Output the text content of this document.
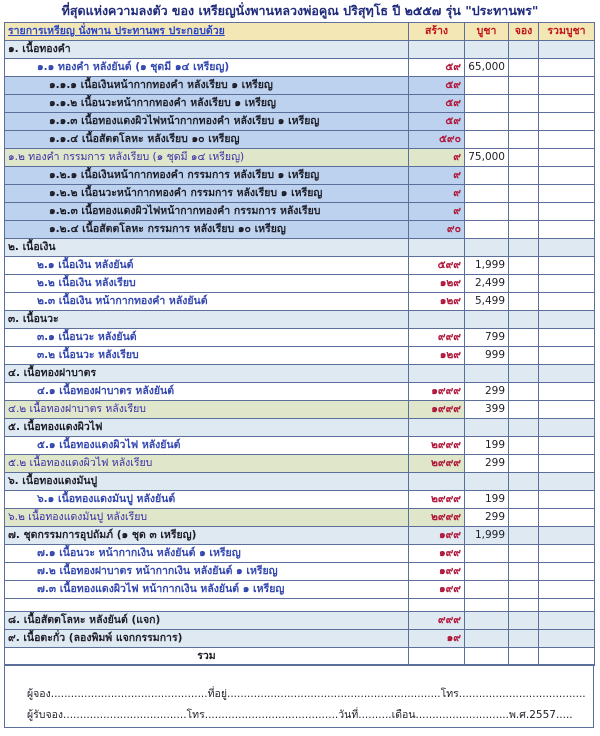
ที่สุดแห่งความลงตัว ของ เหรียญนั่งพานหลวงพ่อคูณ ปริสุทฺโธ ปี ๒๕๕๗ รุ่น "ประทานพร"
รายการเหรียญ นั่งพาน ประทานพร ประกอบด้วย	สร้าง	บูชา	จอง	รวมบูชา
๑. เนื้อทองคำ				
๑.๑ ทองคำ หลังยันต์ (๑ ชุดมี ๑๔ เหรียญ)	๕๙	65,000		
๑.๑.๑ เนื้อเงินหน้ากากทองคำ หลังเรียบ ๑ เหรียญ	๕๙			
๑.๑.๒ เนื้อนวะหน้ากากทองคำ หลังเรียบ ๑ เหรียญ	๕๙			
๑.๑.๓ เนื้อทองแดงผิวไฟหน้ากากทองคำ หลังเรียบ ๑ เหรียญ	๕๙			
๑.๑.๔ เนื้อสัตตโลหะ หลังเรียบ ๑๐ เหรียญ	๕๙๐			
๑.๒ ทองคำ กรรมการ หลังเรียบ (๑ ชุดมี ๑๔ เหรียญ)	๙	75,000		
๑.๒.๑ เนื้อเงินหน้ากากทองคำ กรรมการ หลังเรียบ ๑ เหรียญ	๙			
๑.๒.๒ เนื้อนวะหน้ากากทองคำ กรรมการ หลังเรียบ ๑ เหรียญ	๙			
๑.๒.๓ เนื้อทองแดงผิวไฟหน้ากากทองคำ กรรมการ หลังเรียบ	๙			
๑.๒.๔ เนื้อสัตตโลหะ กรรมการ หลังเรียบ ๑๐ เหรียญ	๙๐			
๒. เนื้อเงิน				
๒.๑ เนื้อเงิน หลังยันต์	๕๙๙	1,999		
๒.๒ เนื้อเงิน หลังเรียบ	๑๒๙	2,499		
๒.๓ เนื้อเงิน หน้ากากทองคำ หลังยันต์	๑๒๙	5,499		
๓. เนื้อนวะ				
๓.๑ เนื้อนวะ หลังยันต์	๙๙๙	799		
๓.๒ เนื้อนวะ หลังเรียบ	๑๒๙	999		
๔. เนื้อทองฝาบาตร				
๔.๑ เนื้อทองฝาบาตร หลังยันต์	๑๙๙๙	299		
๔.๒ เนื้อทองฝาบาตร หลังเรียบ	๑๙๙๙	399		
๕. เนื้อทองแดงผิวไฟ				
๕.๑ เนื้อทองแดงผิวไฟ หลังยันต์	๒๙๙๙	199		
๕.๒ เนื้อทองแดงผิวไฟ หลังเรียบ	๒๙๙๙	299		
๖. เนื้อทองแดงมันปู				
๖.๑ เนื้อทองแดงมันปู หลังยันต์	๒๙๙๙	199		
๖.๒ เนื้อทองแดงมันปู หลังเรียบ	๒๙๙๙	299		
๗. ชุดกรรมการอุปถัมภ์ (๑ ชุด ๓ เหรียญ)	๑๙๙	1,999		
๗.๑ เนื้อนวะ หน้ากากเงิน หลังยันต์ ๑ เหรียญ	๑๙๙			
๗.๒ เนื้อทองฝาบาตร หน้ากากเงิน หลังยันต์ ๑ เหรียญ	๑๙๙			
๗.๓ เนื้อทองแดงผิวไฟ หน้ากากเงิน หลังยันต์ ๑ เหรียญ	๑๙๙			

๘. เนื้อสัตตโลหะ หลังยันต์ (แจก)	๙๙๙			
๙. เนื้อตะกั่ว (ลองพิมพ์ แจกกรรมการ)	๑๙			
รวม				
ผู้จอง...............................................ที่อยู่................................................................โทร......................................
ผู้รับจอง.....................................โทร........................................วันที่..........เดือน............................พ.ศ.2557.....
